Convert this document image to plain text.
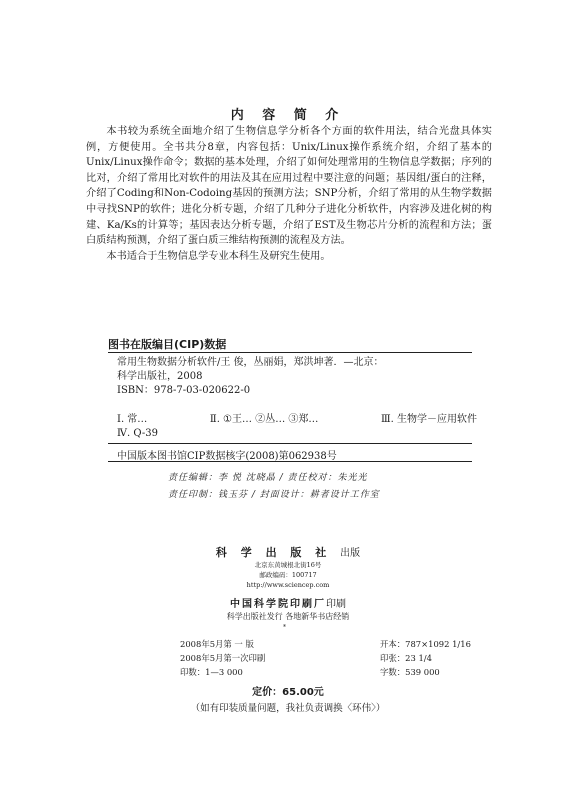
内 容 简 介

本书较为系统全面地介绍了生物信息学分析各个方面的软件用法，结合光盘具体实例，方便使用。全书共分8章，内容包括：Unix/Linux操作系统介绍，介绍了基本的Unix/Linux操作命令；数据的基本处理，介绍了如何处理常用的生物信息学数据；序列的比对，介绍了常用比对软件的用法及其在应用过程中要注意的问题；基因组/蛋白的注释，介绍了Coding和Non-Codoing基因的预测方法；SNP分析，介绍了常用的从生物学数据中寻找SNP的软件；进化分析专题，介绍了几种分子进化分析软件，内容涉及进化树的构建、Ka/Ks的计算等；基因表达分析专题，介绍了EST及生物芯片分析的流程和方法；蛋白质结构预测，介绍了蛋白质三维结构预测的流程及方法。

本书适合于生物信息学专业本科生及研究生使用。

图书在版编目(CIP)数据
常用生物数据分析软件/王 俊，丛丽娟，郑洪坤著．—北京：
科学出版社，2008
ISBN：978-7-03-020622-0
Ⅰ. 常…	Ⅱ. ①王… ②丛… ③郑…	Ⅲ. 生物学－应用软件
Ⅳ. Q-39
中国版本图书馆CIP数据核字(2008)第062938号
责任编辑：李 悦 沈晓晶 / 责任校对：朱光光
责任印制：钱玉芬 / 封面设计：耕者设计工作室
科 学 出 版 社 出版
北京东黄城根北街16号
邮政编码：100717
http://www.sciencep.com
中国科学院印刷厂印刷
科学出版社发行 各地新华书店经销
*
2008年5月第 一 版	开本：787×1092 1/16
2008年5月第一次印刷	印张：23 1/4
印数：1—3 000	字数：539 000
定价：65.00元
（如有印装质量问题，我社负责调换〈环伟〉）
